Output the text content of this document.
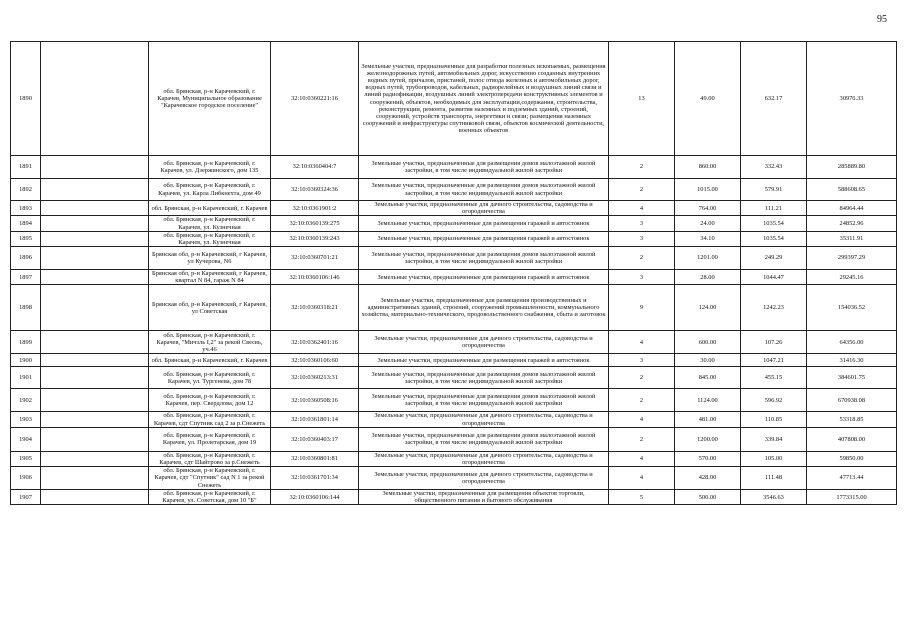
95
1890		обл. Брянская, р-н Карачевский, г. Карачев, Муниципальное образование "Карачевское городское поселение"	32:10:0360221:16	Земельные участки, предназначенные для разработки полезных ископаемых, размещения железнодорожных путей, автомобильных дорог, искусственно созданных внутренних водных путей, причалов, пристаней, полос отвода железных и автомобильных дорог, водных путей, трубопроводов, кабельных, радиорелейных и воздушных линий связи и линий радиофикации, воздушных линий электропередачи конструктивных элементов и сооружений, объектов, необходимых для эксплуатации,содержания, строительства, реконструкции, ремонта, развития наземных и подземных зданий, строений, сооружений, устройств транспорта, энергетики и связи; размещения наземных сооружений и инфраструктуры спутниковой связи, объектов космической деятельности, военных объектов	13	49.00	632.17	30976.33
1891		обл. Брянская, р-н Карачевский, г. Карачев, ул. Дзержинского, дом 135	32:10:0360404:7	Земельные участки, предназначенные для размещения домов малоэтажной жилой застройки, в том числе индивидуальной жилой застройки	2	860.00	332.43	285889.80
1892		обл. Брянская, р-н Карачевский, г. Карачев, ул. Карла Либкнехта, дом 49	32:10:0360324:36	Земельные участки, предназначенные для размещения домов малоэтажной жилой застройки, в том числе индивидуальной жилой застройки	2	1015.00	579.91	588608.65
1893		обл. Брянская, р-н Карачевский, г. Карачев	32:10:0361901:2	Земельные участки, предназначенные для дачного строительства, садоводства и огородничества	4	764.00	111.21	84964.44
1894		обл. Брянская, р-н Карачевский, г. Карачев, ул. Кузнечная	32:10:0360139:275	Земельные участки, предназначенные для размещения гаражей и автостоянок	3	24.00	1035.54	24852.96
1895		обл. Брянская, р-н Карачевский, г. Карачев, ул. Кузнечная	32:10:0360139:243	Земельные участки, предназначенные для размещения гаражей и автостоянок	3	34.10	1035.54	35311.91
1896		Брянская обл, р-н Карачевский, г Карачев, ул Кучерова, N6	32:10:0360701:21	Земельные участки, предназначенные для размещения домов малоэтажной жилой застройки, в том числе индивидуальной жилой застройки	2	1201.00	249.29	299397.29
1897		Брянская обл, р-н Карачевский, г Карачев, квартал N 84, гараж N 84	32:10:0360106:146	Земельные участки, предназначенные для размещения гаражей и автостоянок	3	28.00	1044.47	29245.16
1898		Брянская обл, р-н Карачевский, г Карачев, ул Советская	32:10:0360318:21	Земельные участки, предназначенные для размещения производственных и административных зданий, строений, сооружений промышленности, коммунального хозяйства, материально-технического, продовольственного снабжения, сбыта и заготовок	9	124.00	1242.23	154036.52
1899		обл. Брянская, р-н Карачевский, г. Карачев, "Мичзль I,2" за рекой Свесвь, уч.46	32:10:0362401:16	Земельные участки, предназначенные для дачного строительства, садоводства и огородничества	4	600.00	107.26	64356.00
1900		обл. Брянская, р-н Карачевский, г. Карачев	32:10:0360106:60	Земельные участки, предназначенные для размещения гаражей и автостоянок	3	30.00	1047.21	31416.30
1901		обл. Брянская, р-н Карачевский, г. Карачев, ул. Тургенева, дом 78	32:10:0360213:31	Земельные участки, предназначенные для размещения домов малоэтажной жилой застройки, в том числе индивидуальной жилой застройки	2	845.00	455.15	384601.75
1902		обл. Брянская, р-н Карачевский, г. Карачев, пер. Свердлова, дом 12	32:10:0360508:16	Земельные участки, предназначенные для размещения домов малоэтажной жилой застройки, в том числе индивидуальной жилой застройки	2	1124.00	596.92	670938.08
1903		обл. Брянская, р-н Карачевский, г. Карачев, сдт Спутник сад 2 за р.Снежеть	32:10:0361801:14	Земельные участки, предназначенные для дачного строительства, садоводства и огородничества	4	481.00	110.85	53318.85
1904		обл. Брянская, р-н Карачевский, г. Карачев, ул. Пролетарская, дом 19	32:10:0360403:17	Земельные участки, предназначенные для размещения домов малоэтажной жилой застройки, в том числе индивидуальной жилой застройки	2	1200.00	339.84	407808.00
1905		обл. Брянская, р-н Карачевский, г. Карачев, сдт Шайтрово за р.Снежеть	32:10:0360801:81	Земельные участки, предназначенные для дачного строительства, садоводства и огородничества	4	570.00	105.00	59850.00
1906		обл. Брянская, р-н Карачевский, г. Карачев, сдт "Спутник" сад N 1 за рекой Снежеть	32:10:0361701:34	Земельные участки, предназначенные для дачного строительства, садоводства и огородничества	4	428.00	111.48	47713.44
1907		обл. Брянская, р-н Карачевский, г. Карачев, ул. Советская, дом 10 "Б"	32:10:0360106:144	Земельные участки, предназначенные для размещения объектов торговли, общественного питания и бытового обслуживания	5	500.00	3546.63	1773315.00
